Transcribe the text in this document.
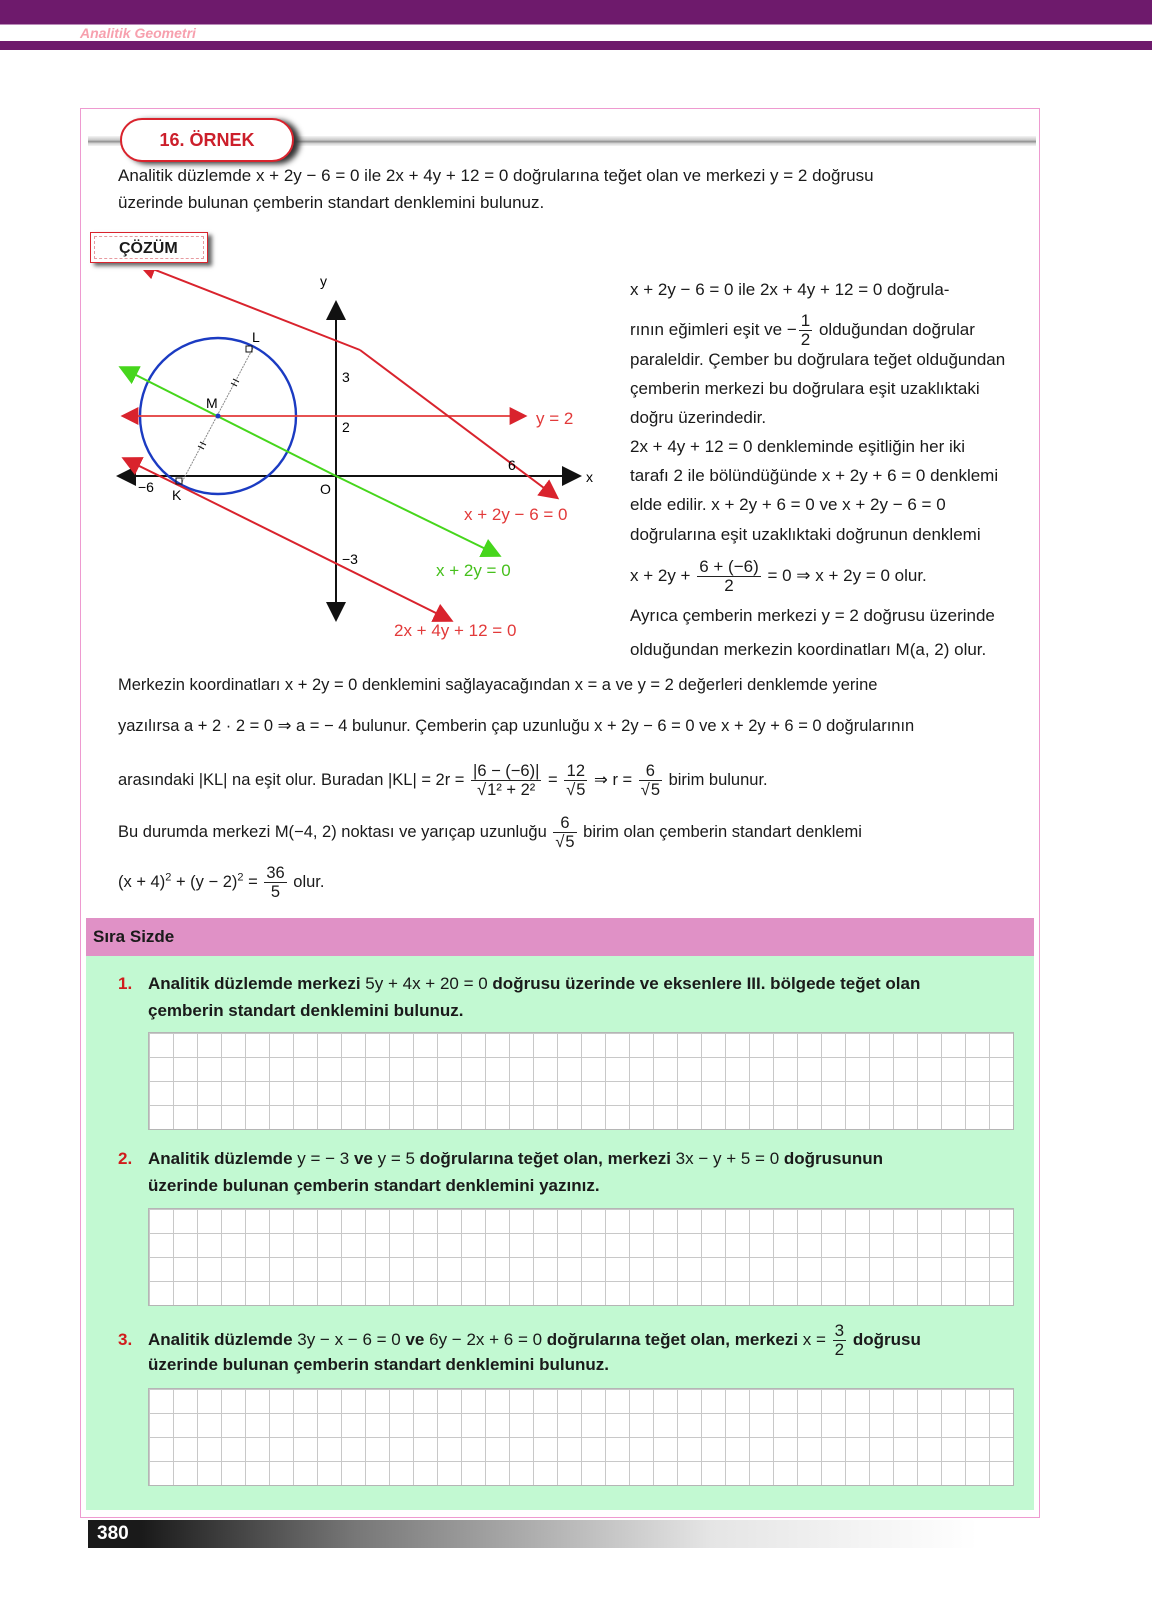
Analitik Geometri
16. ÖRNEK
Analitik düzlemde x + 2y − 6 = 0 ile 2x + 4y + 12 = 0 doğrularına teğet olan ve merkezi y = 2 doğrusu
üzerinde bulunan çemberin standart denklemini bulunuz.
ÇÖZÜM
y
x
O
−6
6
3
2
−3
L
M
K
y = 2
x + 2y − 6 = 0
x + 2y = 0
2x + 4y + 12 = 0
x + 2y − 6 = 0 ile 2x + 4y + 12 = 0 doğrula-
rının eğimleri eşit ve − $\frac{1}{2}$ olduğundan doğrular
paraleldir. Çember bu doğrulara teğet olduğundan
çemberin merkezi bu doğrulara eşit uzaklıktaki
doğru üzerindedir.
2x + 4y + 12 = 0 denkleminde eşitliğin her iki
tarafı 2 ile bölündüğünde x + 2y + 6 = 0 denklemi
elde edilir. x + 2y + 6 = 0 ve x + 2y − 6 = 0
doğrularına eşit uzaklıktaki doğrunun denklemi
$x + 2y + \frac{6 + (-6)}{2} = 0$ ⇒ x + 2y = 0 olur.
Ayrıca çemberin merkezi y = 2 doğrusu üzerinde
olduğundan merkezin koordinatları M(a, 2) olur.
Merkezin koordinatları x + 2y = 0 denklemini sağlayacağından x = a ve y = 2 değerleri denklemde yerine
yazılırsa a + 2 · 2 = 0 ⇒ a = − 4 bulunur. Çemberin çap uzunluğu x + 2y − 6 = 0 ve x + 2y + 6 = 0 doğrularının
arasındaki |KL| na eşit olur. Buradan $|KL| = 2r = \frac{|6 - (-6)|}{\text{√1² + 2²}} = \frac{12}{√5}$ ⇒ $r = \frac{6}{√5}$ birim bulunur.
Bu durumda merkezi M(−4, 2) noktası ve yarıçap uzunluğu $\frac{6}{√5}$ birim olan çemberin standart denklemi
$(x + 4)^2 + (y - 2)^2 = \frac{36}{5}$ olur.
Sıra Sizde
1. Analitik düzlemde merkezi 5y + 4x + 20 = 0 doğrusu üzerinde ve eksenlere III. bölgede teğet olan
çemberin standart denklemini bulunuz.
2. Analitik düzlemde y = − 3 ve y = 5 doğrularına teğet olan, merkezi 3x − y + 5 = 0 doğrusunun
üzerinde bulunan çemberin standart denklemini yazınız.
3. Analitik düzlemde 3y − x − 6 = 0 ve 6y − 2x + 6 = 0 doğrularına teğet olan, merkezi $x = \frac{3}{2}$ doğrusu
üzerinde bulunan çemberin standart denklemini bulunuz.
380
